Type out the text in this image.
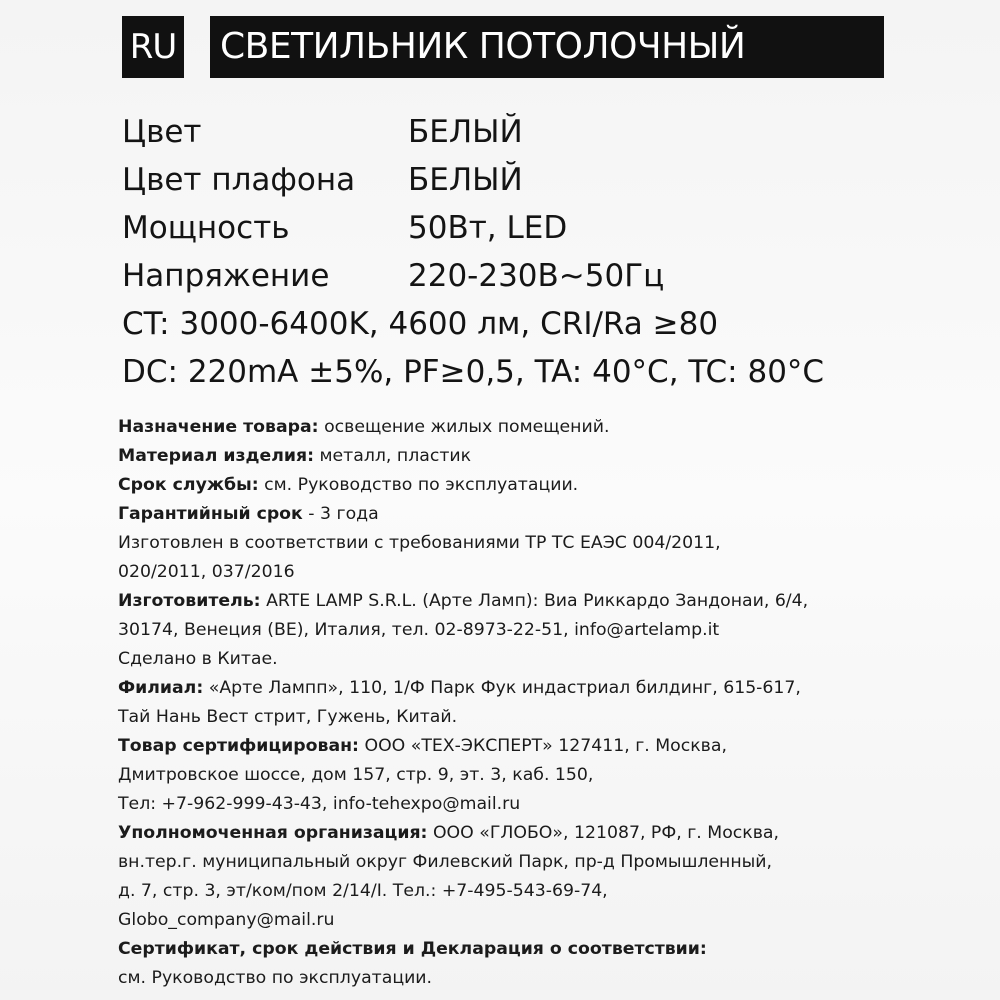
RU СВЕТИЛЬНИК ПОТОЛОЧНЫЙ
Цвет	БЕЛЫЙ
Цвет плафона БЕЛЫЙ
Мощность	50Вт, LED
Напряжение	220-230В~50Гц
CT: 3000-6400K, 4600 лм, CRI/Ra ≥80
DC: 220mA ±5%, PF≥0,5, TA: 40°C, TC: 80°C
Назначение товара: освещение жилых помещений.
Материал изделия: металл, пластик
Срок службы: см. Руководство по эксплуатации.
Гарантийный срок - 3 года
Изготовлен в соответствии с требованиями ТР ТС ЕАЭС 004/2011,
020/2011, 037/2016
Изготовитель: ARTE LAMP S.R.L. (Арте Ламп): Виа Риккардо Зандонаи, 6/4,
30174, Венеция (ВЕ), Италия, тел. 02-8973-22-51, info@artelamp.it
Сделано в Китае.
Филиал: «Арте Лампп», 110, 1/Ф Парк Фук индастриал билдинг, 615-617,
Тай Нань Вест стрит, Гужень, Китай.
Товар сертифицирован: ООО «ТЕХ-ЭКСПЕРТ» 127411, г. Москва,
Дмитровское шоссе, дом 157, стр. 9, эт. 3, каб. 150,
Тел: +7-962-999-43-43, info-tehexpo@mail.ru
Уполномоченная организация: ООО «ГЛОБО», 121087, РФ, г. Москва,
вн.тер.г. муниципальный округ Филевский Парк, пр-д Промышленный,
д. 7, стр. 3, эт/ком/пом 2/14/I. Тел.: +7-495-543-69-74,
Globo_company@mail.ru
Сертификат, срок действия и Декларация о соответствии:
см. Руководство по эксплуатации.
